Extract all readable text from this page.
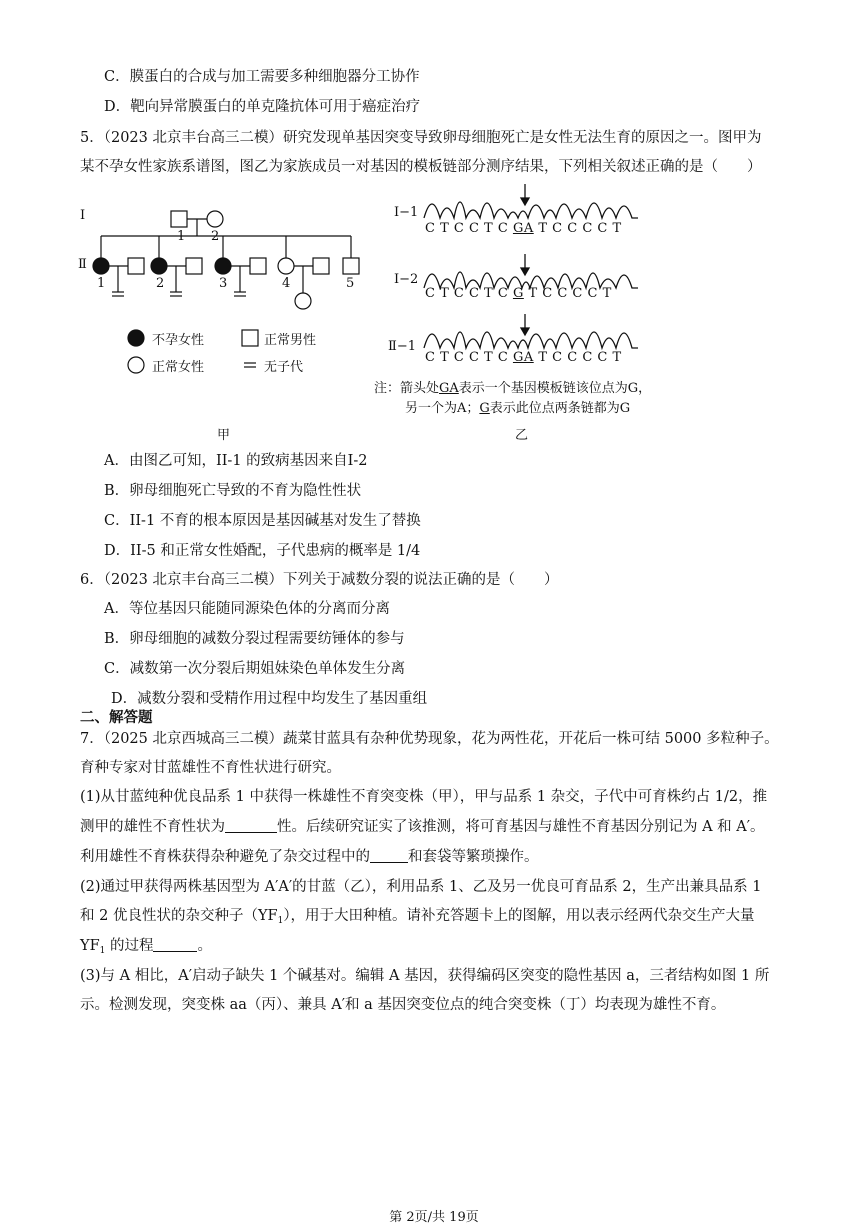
C．膜蛋白的合成与加工需要多种细胞器分工协作
D．靶向异常膜蛋白的单克隆抗体可用于癌症治疗
5．（2023 北京丰台高三二模）研究发现单基因突变导致卵母细胞死亡是女性无法生育的原因之一。图甲为
某不孕女性家族系谱图，图乙为家族成员一对基因的模板链部分测序结果，下列相关叙述正确的是（　　）
I
Ⅱ
1 2
1	2	3	4	5
不孕女性	正常男性
正常女性	无子代
甲
I−1
C T C C T C GA T C C C C T
I−2
C T C C T C G T C C C C T
Ⅱ−1
C T C C T C GA T C C C C T
注：箭头处GA表示一个基因模板链该位点为G，
另一个为A；G表示此位点两条链都为G
乙
A．由图乙可知，II-1 的致病基因来自I-2
B．卵母细胞死亡导致的不育为隐性性状
C．II-1 不育的根本原因是基因碱基对发生了替换
D．II-5 和正常女性婚配，子代患病的概率是 1/4
6．（2023 北京丰台高三二模）下列关于减数分裂的说法正确的是（　　）
A．等位基因只能随同源染色体的分离而分离
B．卵母细胞的减数分裂过程需要纺锤体的参与
C．减数第一次分裂后期姐妹染色单体发生分离
D．减数分裂和受精作用过程中均发生了基因重组
二、解答题
7．（2025 北京西城高三二模）蔬菜甘蓝具有杂种优势现象，花为两性花，开花后一株可结 5000 多粒种子。
育种专家对甘蓝雄性不育性状进行研究。
(1)从甘蓝纯种优良品系 1 中获得一株雄性不育突变株（甲），甲与品系 1 杂交，子代中可育株约占 1/2，推
测甲的雄性不育性状为	性。后续研究证实了该推测，将可育基因与雄性不育基因分别记为 A 和 A′。
利用雄性不育株获得杂种避免了杂交过程中的	和套袋等繁琐操作。
(2)通过甲获得两株基因型为 A′A′的甘蓝（乙），利用品系 1、乙及另一优良可育品系 2，生产出兼具品系 1
和 2 优良性状的杂交种子$(YF_1)$，用于大田种植。请补充答题卡上的图解，用以表示经两代杂交生产大量
$YF_1$ 的过程	。
(3)与 A 相比，A′启动子缺失 1 个碱基对。编辑 A 基因，获得编码区突变的隐性基因 a，三者结构如图 1 所
示。检测发现，突变株 aa（丙）、兼具 A′和 a 基因突变位点的纯合突变株（丁）均表现为雄性不育。
第 2页/共 19页
